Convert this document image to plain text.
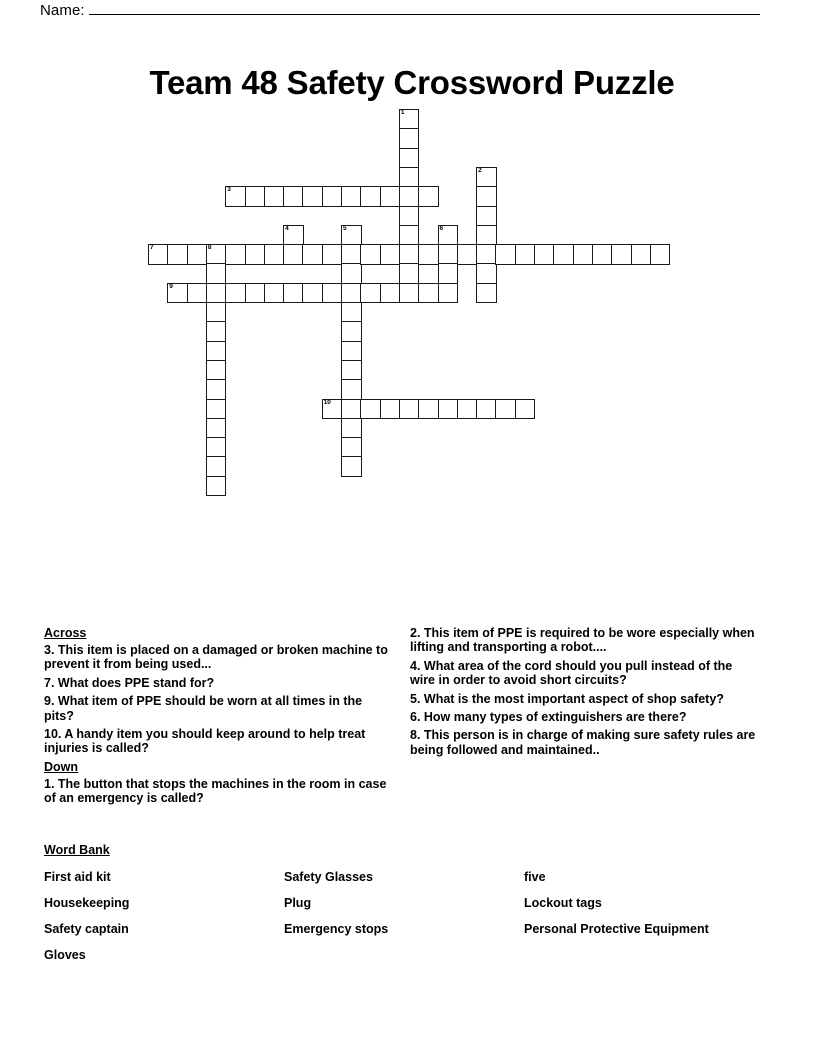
Name:
Team 48 Safety Crossword Puzzle
1
2
3
4	5	6
7	8
9
10
Across
3. This item is placed on a damaged or broken machine to prevent it from being used...
7. What does PPE stand for?
9. What item of PPE should be worn at all times in the pits?
10. A handy item you should keep around to help treat injuries is called?
Down
1. The button that stops the machines in the room in case of an emergency is called?
2. This item of PPE is required to be wore especially when lifting and transporting a robot....
4. What area of the cord should you pull instead of the wire in order to avoid short circuits?
5. What is the most important aspect of shop safety?
6. How many types of extinguishers are there?
8. This person is in charge of making sure safety rules are being followed and maintained..
Word Bank
First aid kit	Safety Glasses	five
Housekeeping	Plug	Lockout tags
Safety captain	Emergency stops	Personal Protective Equipment
Gloves
